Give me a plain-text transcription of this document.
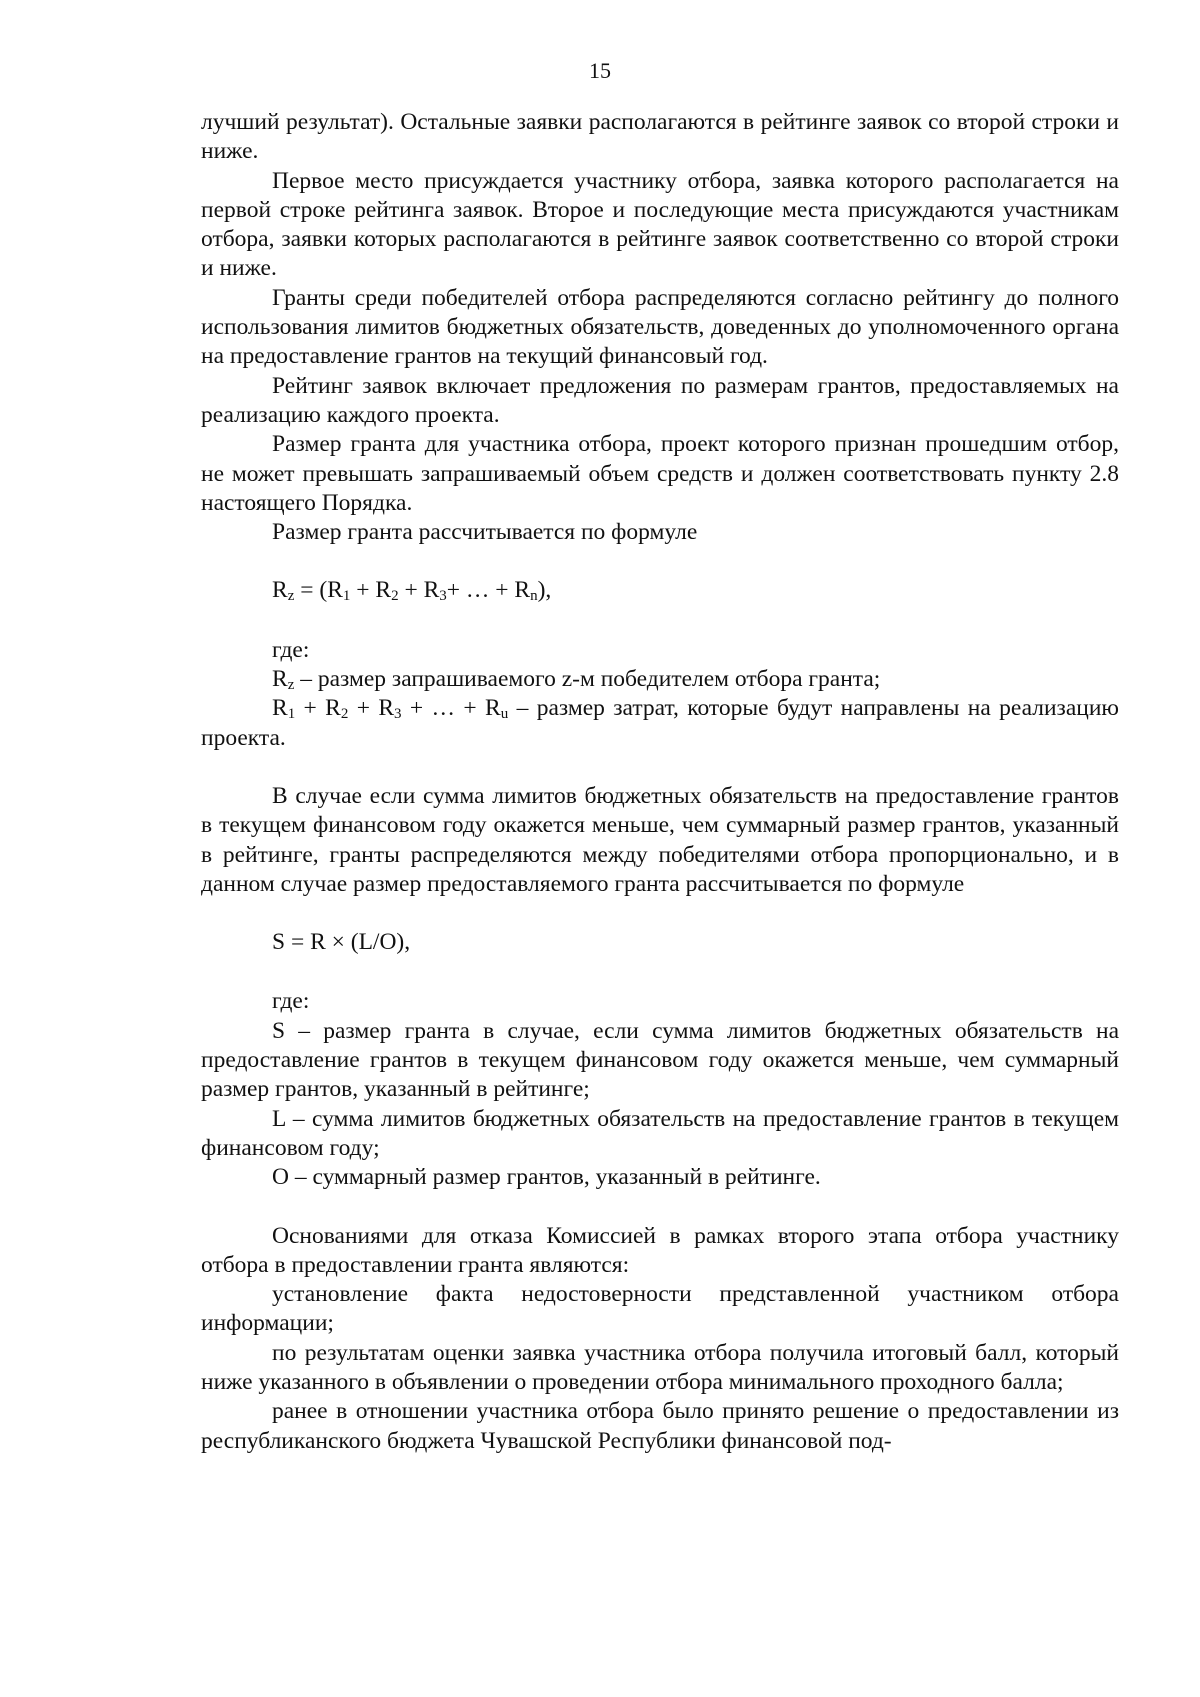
15

лучший результат). Остальные заявки располагаются в рейтинге заявок со второй строки и ниже.

Первое место присуждается участнику отбора, заявка которого располагается на первой строке рейтинга заявок. Второе и последующие места присуждаются участникам отбора, заявки которых располагаются в рейтинге заявок соответственно со второй строки и ниже.

Гранты среди победителей отбора распределяются согласно рейтингу до полного использования лимитов бюджетных обязательств, доведенных до уполномоченного органа на предоставление грантов на текущий финансовый год.

Рейтинг заявок включает предложения по размерам грантов, предоставляемых на реализацию каждого проекта.

Размер гранта для участника отбора, проект которого признан прошедшим отбор, не может превышать запрашиваемый объем средств и должен соответствовать пункту 2.8 настоящего Порядка.

Размер гранта рассчитывается по формуле

$R_z = (R_1 + R_2 + R_3+$ … + $R_n$),

где:

$R_z$ – размер запрашиваемого z-м победителем отбора гранта;

$R_1 + R_2 + R_3$ + … + $R_u$ – размер затрат, которые будут направлены на реализацию проекта.

В случае если сумма лимитов бюджетных обязательств на предоставление грантов в текущем финансовом году окажется меньше, чем суммарный размер грантов, указанный в рейтинге, гранты распределяются между победителями отбора пропорционально, и в данном случае размер предоставляемого гранта рассчитывается по формуле

S = R × (L/O),

где:

S – размер гранта в случае, если сумма лимитов бюджетных обязательств на предоставление грантов в текущем финансовом году окажется меньше, чем суммарный размер грантов, указанный в рейтинге;

L – сумма лимитов бюджетных обязательств на предоставление грантов в текущем финансовом году;

O – суммарный размер грантов, указанный в рейтинге.

Основаниями для отказа Комиссией в рамках второго этапа отбора участнику отбора в предоставлении гранта являются:

установление факта недостоверности представленной участником отбора информации;

по результатам оценки заявка участника отбора получила итоговый балл, который ниже указанного в объявлении о проведении отбора минимального проходного балла;

ранее в отношении участника отбора было принято решение о предоставлении из республиканского бюджета Чувашской Республики финансовой под-
